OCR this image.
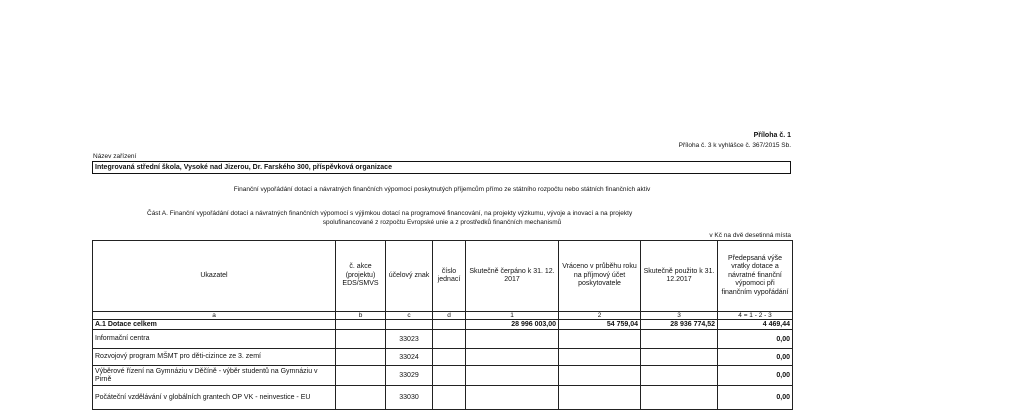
Příloha č. 1
Příloha č. 3 k vyhlášce č. 367/2015 Sb.
Název zařízení
Integrovaná střední škola, Vysoké nad Jizerou, Dr. Farského 300, příspěvková organizace
Finanční vypořádání dotací a návratných finančních výpomocí poskytnutých příjemcům přímo ze státního rozpočtu nebo státních finančních aktiv
Část A. Finanční vypořádání dotací a návratných finančních výpomocí s výjimkou dotací na programové financování, na projekty výzkumu, vývoje a inovací a na projekty
spolufinancované z rozpočtu Evropské unie a z prostředků finančních mechanismů
v Kč na dvě desetinná místa
Ukazatel	č. akce (projektu) EDS/SMVS	účelový znak	číslo jednací	Skutečně čerpáno k 31. 12. 2017	Vráceno v průběhu roku na příjmový účet poskytovatele	Skutečně použito k 31. 12.2017	Předepsaná výše vratky dotace a návratné finanční výpomoci při finančním vypořádání
a	b	c	d	1	2	3	4 = 1 - 2 - 3
A.1 Dotace celkem				28 996 003,00	54 759,04	28 936 774,52	4 469,44
Informační centra		33023					0,00
Rozvojový program MŠMT pro děti-cizince ze 3. zemí		33024					0,00
Výběrové řízení na Gymnáziu v Děčíně - výběr studentů na Gymnáziu v Pirně		33029					0,00
Počáteční vzdělávání v globálních grantech OP VK - neinvestice - EU		33030					0,00
